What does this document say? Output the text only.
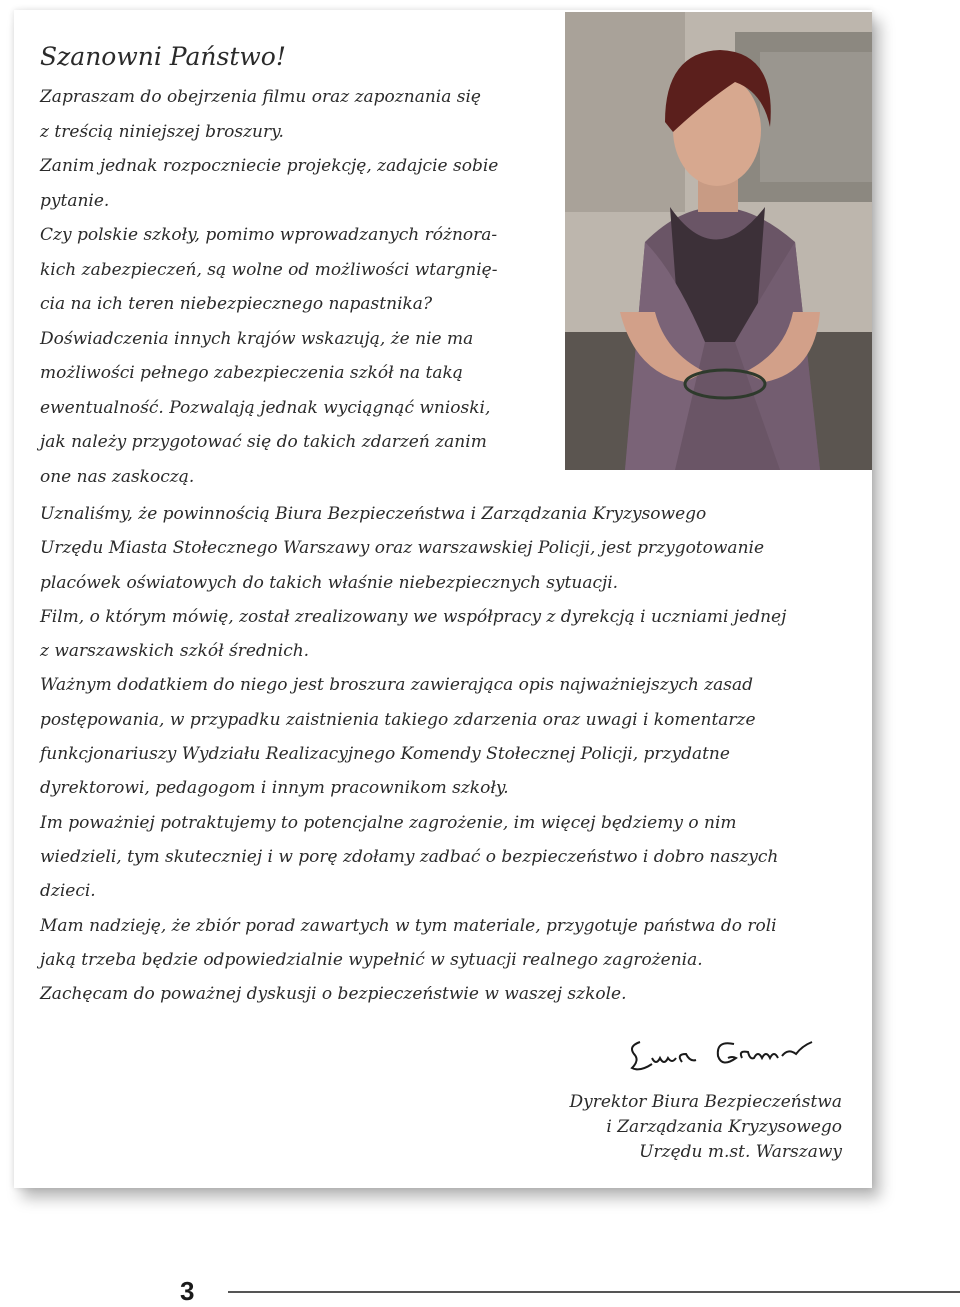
Szanowni Państwo!

Zapraszam do obejrzenia filmu oraz zapoznania się

z treścią niniejszej broszury.

Zanim jednak rozpoczniecie projekcję, zadajcie sobie

pytanie.

Czy polskie szkoły, pomimo wprowadzanych różnora-

kich zabezpieczeń, są wolne od możliwości wtargnię-

cia na ich teren niebezpiecznego napastnika?

Doświadczenia innych krajów wskazują, że nie ma

możliwości pełnego zabezpieczenia szkół na taką

ewentualność. Pozwalają jednak wyciągnąć wnioski,

jak należy przygotować się do takich zdarzeń zanim

one nas zaskoczą.

Uznaliśmy, że powinnością Biura Bezpieczeństwa i Zarządzania Kryzysowego

Urzędu Miasta Stołecznego Warszawy oraz warszawskiej Policji, jest przygotowanie

placówek oświatowych do takich właśnie niebezpiecznych sytuacji.

Film, o którym mówię, został zrealizowany we współpracy z dyrekcją i uczniami jednej

z warszawskich szkół średnich.

Ważnym dodatkiem do niego jest broszura zawierająca opis najważniejszych zasad

postępowania, w przypadku zaistnienia takiego zdarzenia oraz uwagi i komentarze

funkcjonariuszy Wydziału Realizacyjnego Komendy Stołecznej Policji, przydatne

dyrektorowi, pedagogom i innym pracownikom szkoły.

Im poważniej potraktujemy to potencjalne zagrożenie, im więcej będziemy o nim

wiedzieli, tym skuteczniej i w porę zdołamy zadbać o bezpieczeństwo i dobro naszych

dzieci.

Mam nadzieję, że zbiór porad zawartych w tym materiale, przygotuje państwa do roli

jaką trzeba będzie odpowiedzialnie wypełnić w sytuacji realnego zagrożenia.

Zachęcam do poważnej dyskusji o bezpieczeństwie w waszej szkole.

Dyrektor Biura Bezpieczeństwa
i Zarządzania Kryzysowego
Urzędu m.st. Warszawy
3
